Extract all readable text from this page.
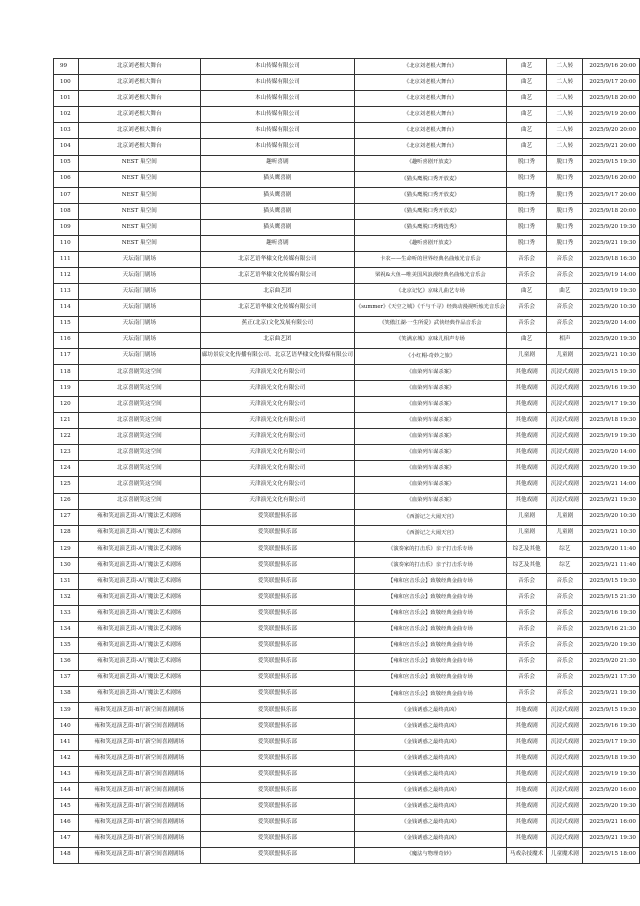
99	北京刘老根大舞台	本山传媒有限公司	《北京刘老根大舞台》	曲艺	二人转	2025/9/16 20:00
100	北京刘老根大舞台	本山传媒有限公司	《北京刘老根大舞台》	曲艺	二人转	2025/9/17 20:00
101	北京刘老根大舞台	本山传媒有限公司	《北京刘老根大舞台》	曲艺	二人转	2025/9/18 20:00
102	北京刘老根大舞台	本山传媒有限公司	《北京刘老根大舞台》	曲艺	二人转	2025/9/19 20:00
103	北京刘老根大舞台	本山传媒有限公司	《北京刘老根大舞台》	曲艺	二人转	2025/9/20 20:00
104	北京刘老根大舞台	本山传媒有限公司	《北京刘老根大舞台》	曲艺	二人转	2025/9/21 20:00
105	NEST 巢空间	趣听喜剧	《趣听喜剧开放麦》	脱口秀	脱口秀	2025/9/15 19:30
106	NEST 巢空间	猫头鹰喜剧	《猫头鹰脱口秀开放麦》	脱口秀	脱口秀	2025/9/16 20:00
107	NEST 巢空间	猫头鹰喜剧	《猫头鹰脱口秀开放麦》	脱口秀	脱口秀	2025/9/17 20:00
108	NEST 巢空间	猫头鹰喜剧	《猫头鹰脱口秀开放麦》	脱口秀	脱口秀	2025/9/18 20:00
109	NEST 巢空间	猫头鹰喜剧	《猫头鹰脱口秀精选秀》	脱口秀	脱口秀	2025/9/20 19:30
110	NEST 巢空间	趣听喜剧	《趣听喜剧开放麦》	脱口秀	脱口秀	2025/9/21 19:30
111	天坛南门剧场	北京艺语华棣文化传媒有限公司	卡农——生命听的世界经典名曲烛光音乐会	音乐会	音乐会	2025/9/18 16:30
112	天坛南门剧场	北京艺语华棣文化传媒有限公司	梁祝&大鱼—唯美国风浪漫经典名曲烛光音乐会	音乐会	音乐会	2025/9/19 14:00
113	天坛南门剧场	北京曲艺团	《北京记忆》京味儿曲艺专场	曲艺	曲艺	2025/9/19 19:30
114	天坛南门剧场	北京艺语华棣文化传媒有限公司	《summer》《天空之城》《千与千寻》经典动漫视听烛光音乐会	音乐会	音乐会	2025/9/20 10:30
115	天坛南门剧场	蕉正(北京)文化发展有限公司	《笑傲江湖·一生所爱》武侠经典作品音乐会	音乐会	音乐会	2025/9/20 14:00
116	天坛南门剧场	北京曲艺团	《笑满京城》京味儿相声专场	曲艺	相声	2025/9/20 19:30
117	天坛南门剧场	廊坊景宸文化传播有限公司、北京艺语华棣文化传媒有限公司	《小红帽-奇妙之旅》	儿童剧	儿童剧	2025/9/21 10:30
118	北京喜剧笑这空间	天津演光文化有限公司	《血染列车谋杀案》	其他戏剧	沉浸式戏剧	2025/9/15 19:30
119	北京喜剧笑这空间	天津演光文化有限公司	《血染列车谋杀案》	其他戏剧	沉浸式戏剧	2025/9/16 19:30
120	北京喜剧笑这空间	天津演光文化有限公司	《血染列车谋杀案》	其他戏剧	沉浸式戏剧	2025/9/17 19:30
121	北京喜剧笑这空间	天津演光文化有限公司	《血染列车谋杀案》	其他戏剧	沉浸式戏剧	2025/9/18 19:30
122	北京喜剧笑这空间	天津演光文化有限公司	《血染列车谋杀案》	其他戏剧	沉浸式戏剧	2025/9/19 19:30
123	北京喜剧笑这空间	天津演光文化有限公司	《血染列车谋杀案》	其他戏剧	沉浸式戏剧	2025/9/20 14:00
124	北京喜剧笑这空间	天津演光文化有限公司	《血染列车谋杀案》	其他戏剧	沉浸式戏剧	2025/9/20 19:30
125	北京喜剧笑这空间	天津演光文化有限公司	《血染列车谋杀案》	其他戏剧	沉浸式戏剧	2025/9/21 14:00
126	北京喜剧笑这空间	天津演光文化有限公司	《血染列车谋杀案》	其他戏剧	沉浸式戏剧	2025/9/21 19:30
127	雍和笑逗演艺街-A厅魔法艺术剧场	爱笑联盟俱乐部	《西游记之大闹天宫》	儿童剧	儿童剧	2025/9/20 10:30
128	雍和笑逗演艺街-A厅魔法艺术剧场	爱笑联盟俱乐部	《西游记之大闹天宫》	儿童剧	儿童剧	2025/9/21 10:30
129	雍和笑逗演艺街-A厅魔法艺术剧场	爱笑联盟俱乐部	《演奏家的打击乐》亲子打击乐专场	综艺及其他	综艺	2025/9/20 11:40
130	雍和笑逗演艺街-A厅魔法艺术剧场	爱笑联盟俱乐部	《演奏家的打击乐》亲子打击乐专场	综艺及其他	综艺	2025/9/21 11:40
131	雍和笑逗演艺街-A厅魔法艺术剧场	爱笑联盟俱乐部	【雍和宫音乐会】致敬经典金曲专场	音乐会	音乐会	2025/9/15 19:30
132	雍和笑逗演艺街-A厅魔法艺术剧场	爱笑联盟俱乐部	【雍和宫音乐会】致敬经典金曲专场	音乐会	音乐会	2025/9/15 21:30
133	雍和笑逗演艺街-A厅魔法艺术剧场	爱笑联盟俱乐部	【雍和宫音乐会】致敬经典金曲专场	音乐会	音乐会	2025/9/16 19:30
134	雍和笑逗演艺街-A厅魔法艺术剧场	爱笑联盟俱乐部	【雍和宫音乐会】致敬经典金曲专场	音乐会	音乐会	2025/9/16 21:30
135	雍和笑逗演艺街-A厅魔法艺术剧场	爱笑联盟俱乐部	【雍和宫音乐会】致敬经典金曲专场	音乐会	音乐会	2025/9/20 19:30
136	雍和笑逗演艺街-A厅魔法艺术剧场	爱笑联盟俱乐部	【雍和宫音乐会】致敬经典金曲专场	音乐会	音乐会	2025/9/20 21:30
137	雍和笑逗演艺街-A厅魔法艺术剧场	爱笑联盟俱乐部	【雍和宫音乐会】致敬经典金曲专场	音乐会	音乐会	2025/9/21 17:30
138	雍和笑逗演艺街-A厅魔法艺术剧场	爱笑联盟俱乐部	【雍和宫音乐会】致敬经典金曲专场	音乐会	音乐会	2025/9/21 19:30
139	雍和笑逗演艺街-B厅新空间喜剧剧场	爱笑联盟俱乐部	《金钱诱惑之最终真凶》	其他戏剧	沉浸式戏剧	2025/9/15 19:30
140	雍和笑逗演艺街-B厅新空间喜剧剧场	爱笑联盟俱乐部	《金钱诱惑之最终真凶》	其他戏剧	沉浸式戏剧	2025/9/16 19:30
141	雍和笑逗演艺街-B厅新空间喜剧剧场	爱笑联盟俱乐部	《金钱诱惑之最终真凶》	其他戏剧	沉浸式戏剧	2025/9/17 19:30
142	雍和笑逗演艺街-B厅新空间喜剧剧场	爱笑联盟俱乐部	《金钱诱惑之最终真凶》	其他戏剧	沉浸式戏剧	2025/9/18 19:30
143	雍和笑逗演艺街-B厅新空间喜剧剧场	爱笑联盟俱乐部	《金钱诱惑之最终真凶》	其他戏剧	沉浸式戏剧	2025/9/19 19:30
144	雍和笑逗演艺街-B厅新空间喜剧剧场	爱笑联盟俱乐部	《金钱诱惑之最终真凶》	其他戏剧	沉浸式戏剧	2025/9/20 16:00
145	雍和笑逗演艺街-B厅新空间喜剧剧场	爱笑联盟俱乐部	《金钱诱惑之最终真凶》	其他戏剧	沉浸式戏剧	2025/9/20 19:30
146	雍和笑逗演艺街-B厅新空间喜剧剧场	爱笑联盟俱乐部	《金钱诱惑之最终真凶》	其他戏剧	沉浸式戏剧	2025/9/21 16:00
147	雍和笑逗演艺街-B厅新空间喜剧剧场	爱笑联盟俱乐部	《金钱诱惑之最终真凶》	其他戏剧	沉浸式戏剧	2025/9/21 19:30
148	雍和笑逗演艺街-B厅新空间喜剧剧场	爱笑联盟俱乐部	《魔法与物理奇妙》	马戏杂技魔术	儿童魔术剧	2025/9/15 18:00
